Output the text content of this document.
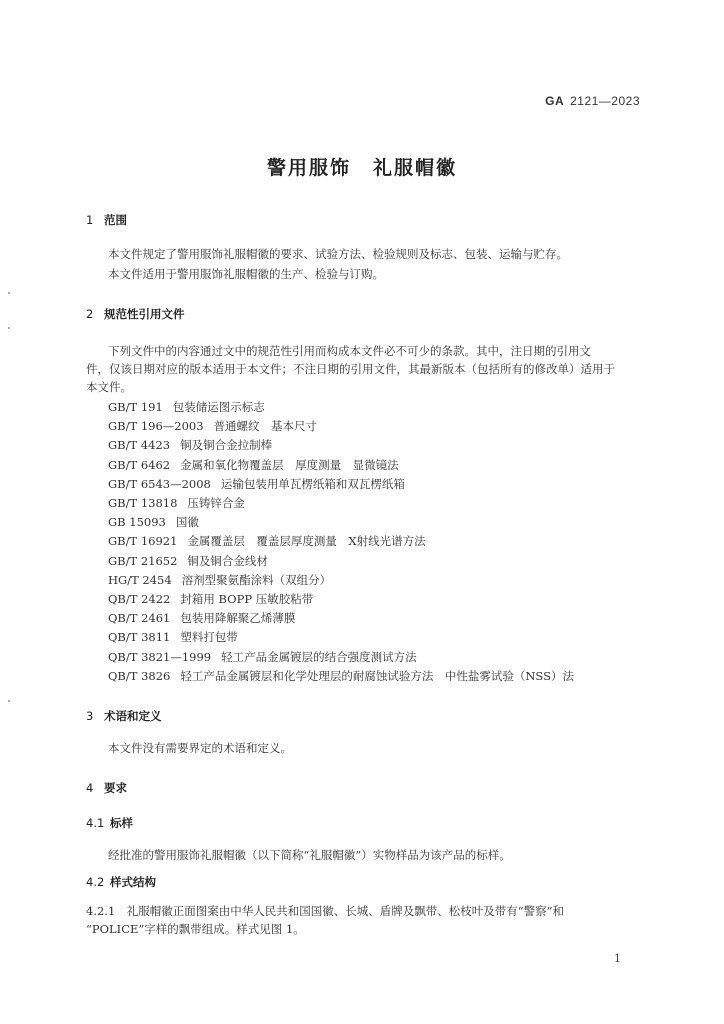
GA 2121—2023
警用服饰 礼服帽徽
1 范围
本文件规定了警用服饰礼服帽徽的要求、试验方法、检验规则及标志、包装、运输与贮存。
本文件适用于警用服饰礼服帽徽的生产、检验与订购。
2 规范性引用文件
下列文件中的内容通过文中的规范性引用而构成本文件必不可少的条款。其中，注日期的引用文
件，仅该日期对应的版本适用于本文件；不注日期的引用文件，其最新版本（包括所有的修改单）适用于
本文件。
GB/T 191 包装储运图示标志
GB/T 196—2003 普通螺纹　基本尺寸
GB/T 4423 铜及铜合金拉制棒
GB/T 6462 金属和氧化物覆盖层　厚度测量　显微镜法
GB/T 6543—2008 运输包装用单瓦楞纸箱和双瓦楞纸箱
GB/T 13818 压铸锌合金
GB 15093 国徽
GB/T 16921 金属覆盖层　覆盖层厚度测量　X射线光谱方法
GB/T 21652 铜及铜合金线材
HG/T 2454 溶剂型聚氨酯涂料（双组分）
QB/T 2422 封箱用 BOPP 压敏胶粘带
QB/T 2461 包装用降解聚乙烯薄膜
QB/T 3811 塑料打包带
QB/T 3821—1999 轻工产品金属镀层的结合强度测试方法
QB/T 3826 轻工产品金属镀层和化学处理层的耐腐蚀试验方法　中性盐雾试验（NSS）法
3 术语和定义
本文件没有需要界定的术语和定义。
4 要求
4.1 标样
经批准的警用服饰礼服帽徽（以下简称“礼服帽徽”）实物样品为该产品的标样。
4.2 样式结构
4.2.1　礼服帽徽正面图案由中华人民共和国国徽、长城、盾牌及飘带、松枝叶及带有“警察”和
“POLICE”字样的飘带组成。样式见图 1。
1
